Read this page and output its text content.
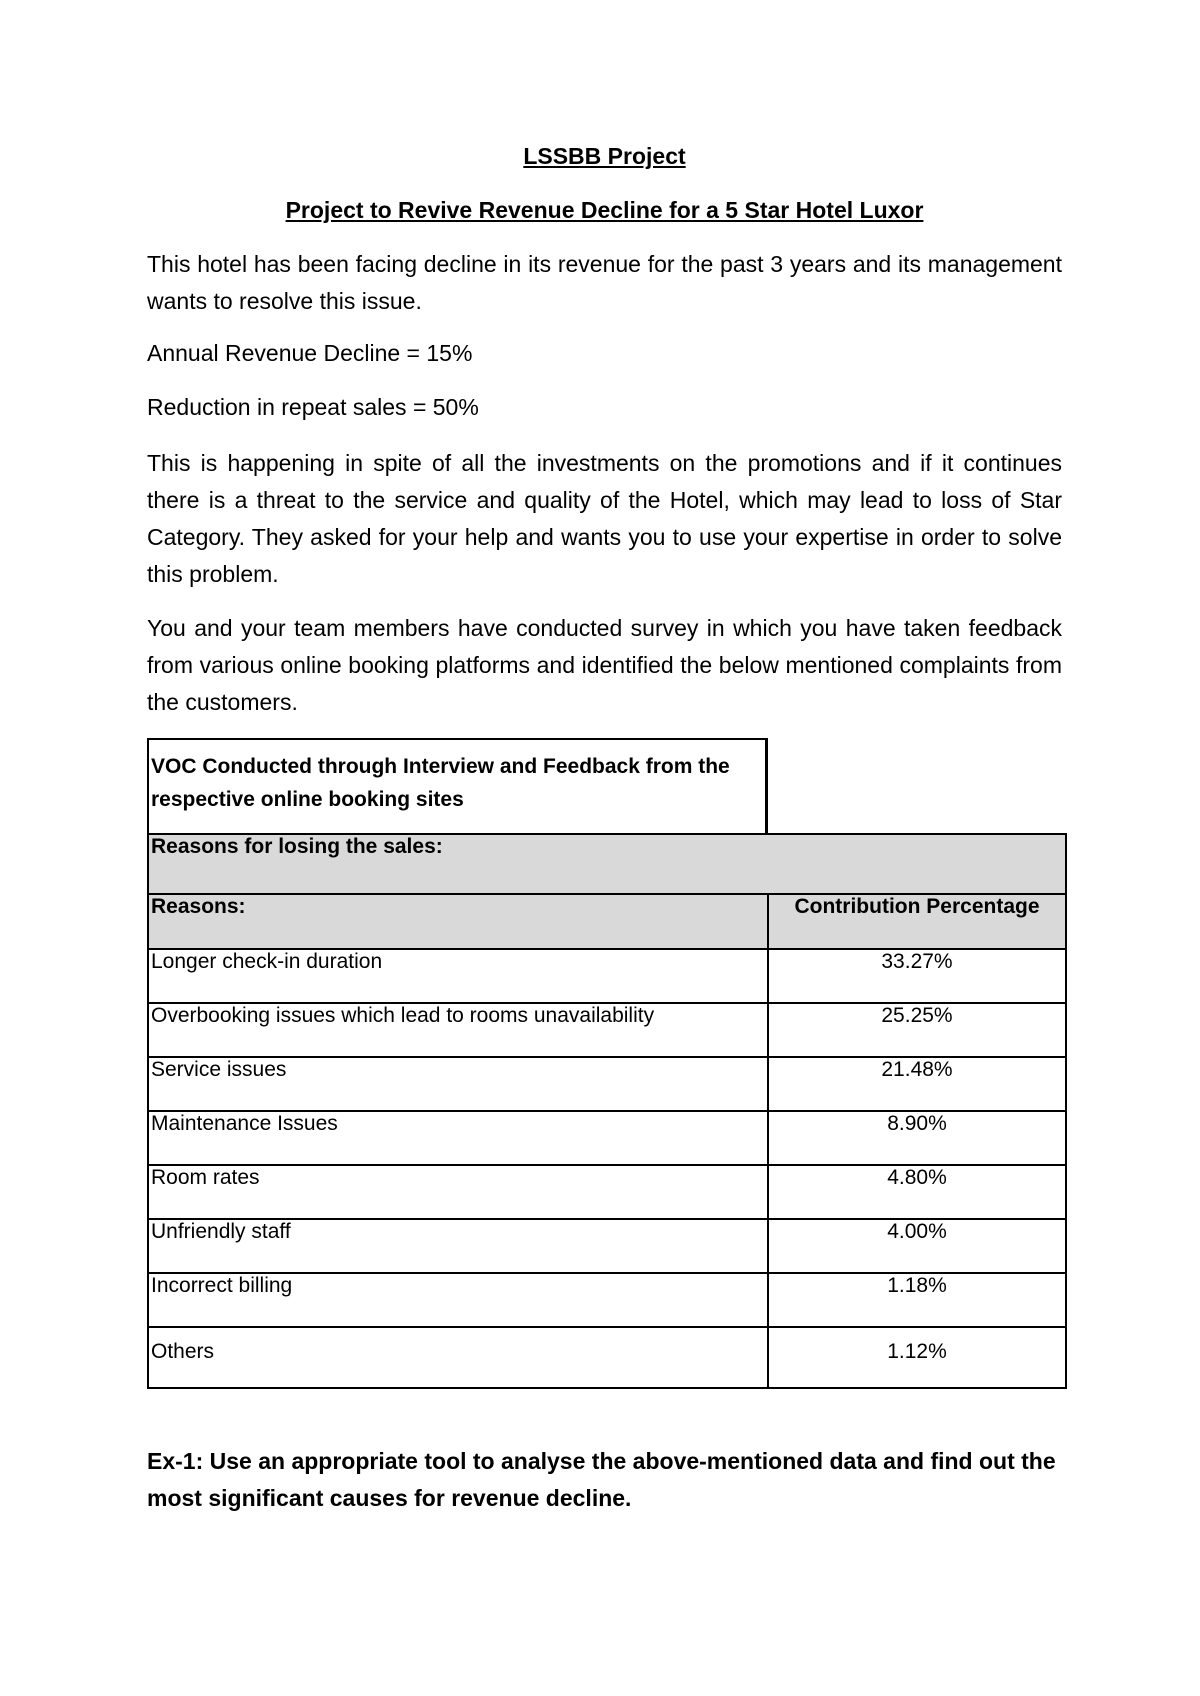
LSSBB Project
Project to Revive Revenue Decline for a 5 Star Hotel Luxor

This hotel has been facing decline in its revenue for the past 3 years and its management wants to resolve this issue.

Annual Revenue Decline = 15%

Reduction in repeat sales = 50%

This is happening in spite of all the investments on the promotions and if it continues there is a threat to the service and quality of the Hotel, which may lead to loss of Star Category. They asked for your help and wants you to use your expertise in order to solve this problem.

You and your team members have conducted survey in which you have taken feedback from various online booking platforms and identified the below mentioned complaints from the customers.

VOC Conducted through Interview and Feedback from the respective online booking sites
Reasons for losing the sales:	
Reasons:	Contribution Percentage
Longer check-in duration	33.27%
Overbooking issues which lead to rooms unavailability	25.25%
Service issues	21.48%
Maintenance Issues	8.90%
Room rates	4.80%
Unfriendly staff	4.00%
Incorrect billing	1.18%
Others	1.12%
Ex-1: Use an appropriate tool to analyse the above-mentioned data and find out the most significant causes for revenue decline.
